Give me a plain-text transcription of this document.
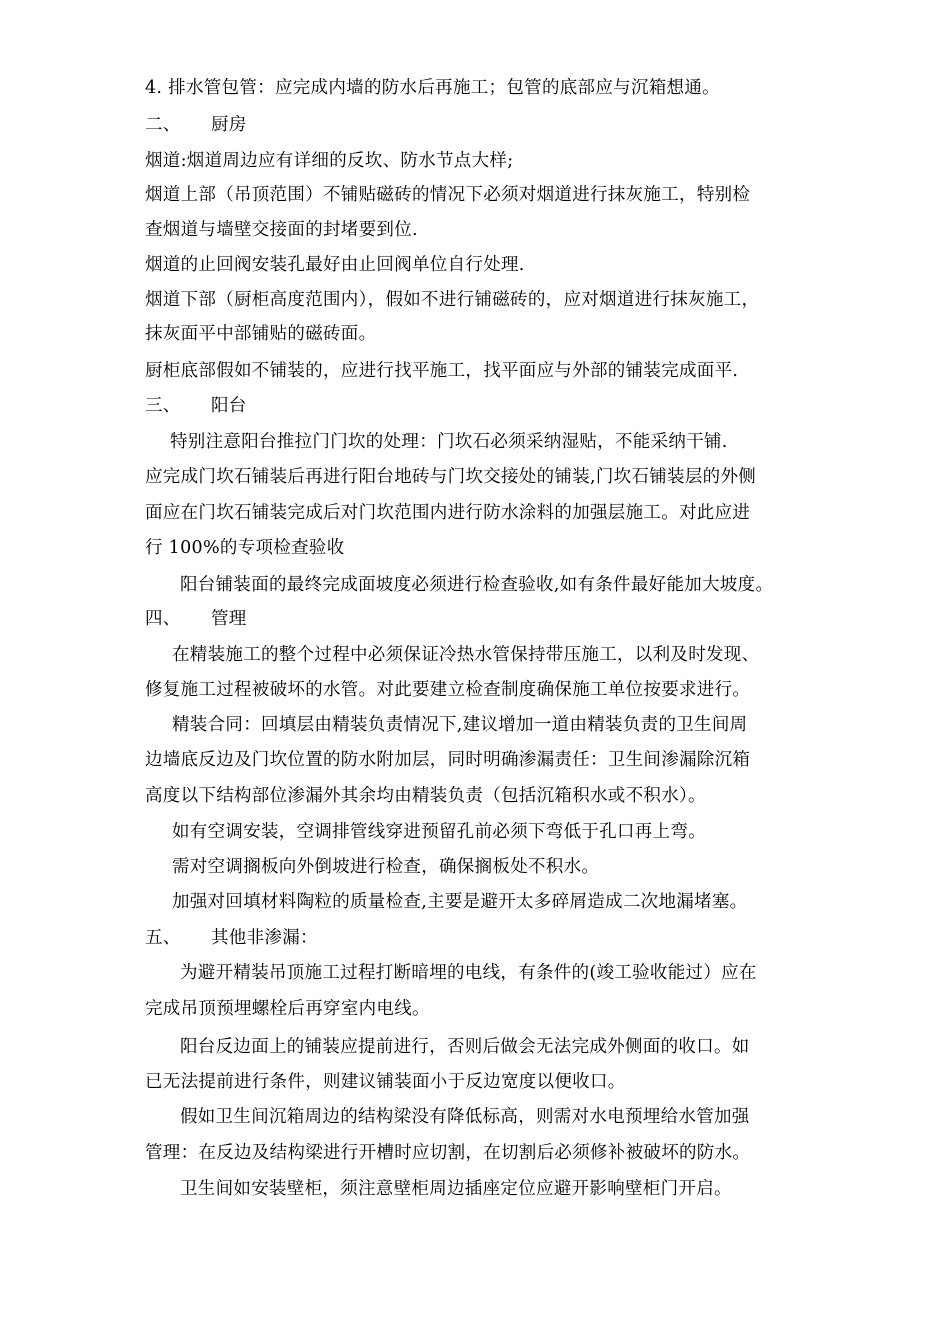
4. 排水管包管：应完成内墙的防水后再施工；包管的底部应与沉箱想通。
二、 厨房
烟道:烟道周边应有详细的反坎、防水节点大样;
烟道上部（吊顶范围）不铺贴磁砖的情况下必须对烟道进行抹灰施工，特别检
查烟道与墙壁交接面的封堵要到位.
烟道的止回阀安装孔最好由止回阀单位自行处理.
烟道下部（厨柜高度范围内），假如不进行铺磁砖的，应对烟道进行抹灰施工，
抹灰面平中部铺贴的磁砖面。
厨柜底部假如不铺装的，应进行找平施工，找平面应与外部的铺装完成面平.
三、 阳台
特别注意阳台推拉门门坎的处理：门坎石必须采纳湿贴，不能采纳干铺.
应完成门坎石铺装后再进行阳台地砖与门坎交接处的铺装,门坎石铺装层的外侧
面应在门坎石铺装完成后对门坎范围内进行防水涂料的加强层施工。对此应进
行 100%的专项检查验收
阳台铺装面的最终完成面坡度必须进行检查验收,如有条件最好能加大坡度。
四、 管理
在精装施工的整个过程中必须保证冷热水管保持带压施工，以利及时发现、
修复施工过程被破坏的水管。对此要建立检查制度确保施工单位按要求进行。
精装合同：回填层由精装负责情况下,建议增加一道由精装负责的卫生间周
边墙底反边及门坎位置的防水附加层，同时明确渗漏责任：卫生间渗漏除沉箱
高度以下结构部位渗漏外其余均由精装负责（包括沉箱积水或不积水）。
如有空调安装，空调排管线穿进预留孔前必须下弯低于孔口再上弯。
需对空调搁板向外倒坡进行检查，确保搁板处不积水。
加强对回填材料陶粒的质量检查,主要是避开太多碎屑造成二次地漏堵塞。
五、 其他非渗漏：
为避开精装吊顶施工过程打断暗埋的电线，有条件的(竣工验收能过）应在
完成吊顶预埋螺栓后再穿室内电线。
阳台反边面上的铺装应提前进行，否则后做会无法完成外侧面的收口。如
已无法提前进行条件，则建议铺装面小于反边宽度以便收口。
假如卫生间沉箱周边的结构梁没有降低标高，则需对水电预埋给水管加强
管理：在反边及结构梁进行开槽时应切割，在切割后必须修补被破坏的防水。
卫生间如安装壁柜，须注意壁柜周边插座定位应避开影响壁柜门开启。
